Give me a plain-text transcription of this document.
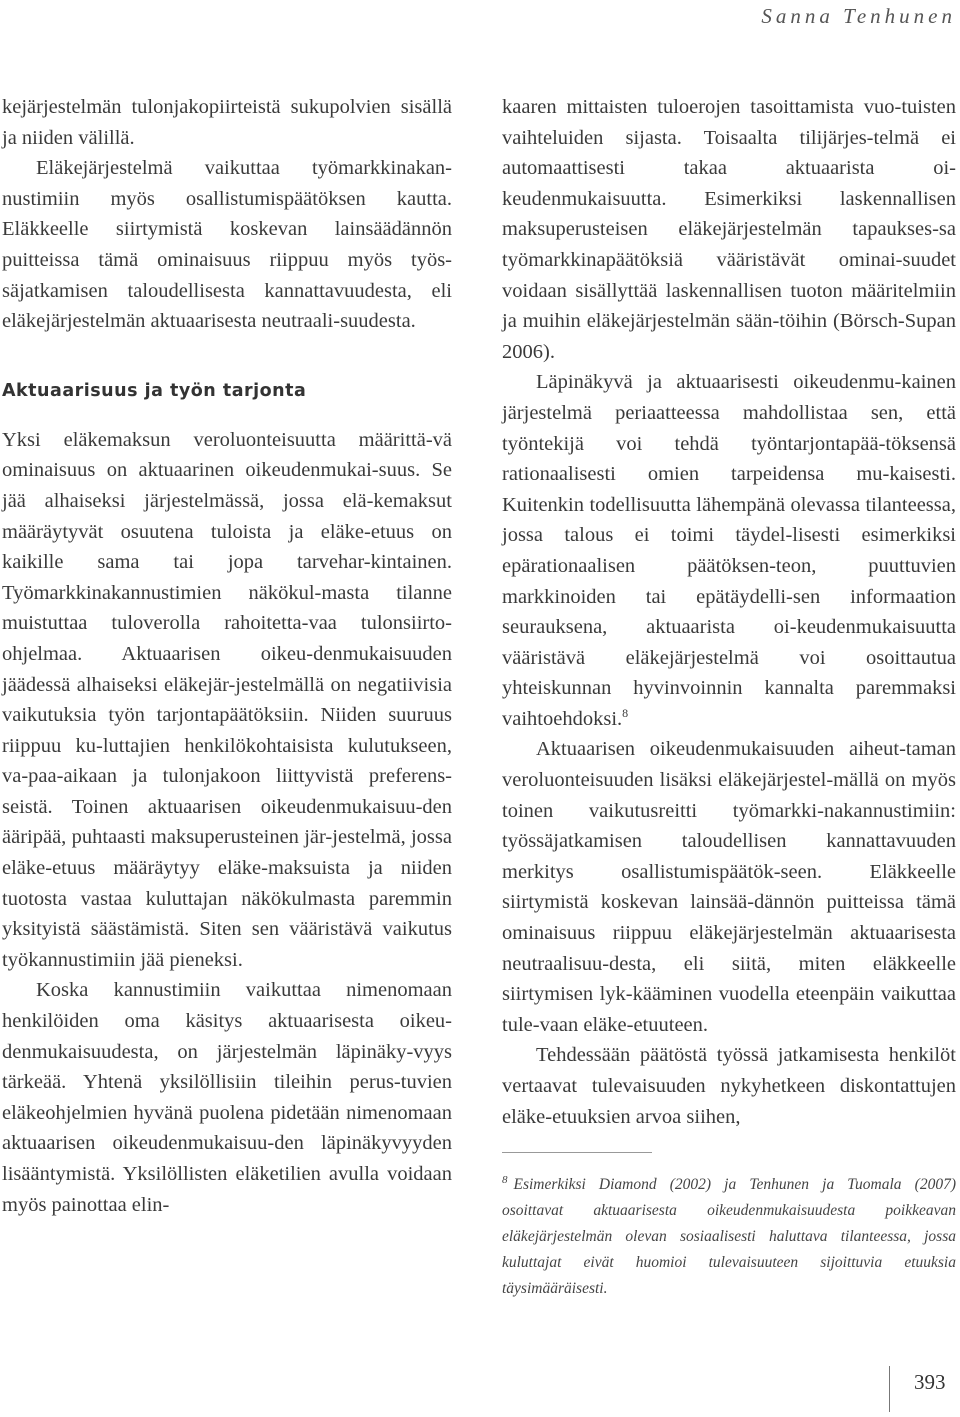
Sanna Tenhunen

kejärjestelmän tulonjakopiirteistä sukupolvien sisällä ja niiden välillä.

Eläkejärjestelmä vaikuttaa työmarkkinakan-nustimiin myös osallistumispäätöksen kautta. Eläkkeelle siirtymistä koskevan lainsäädännön puitteissa tämä ominaisuus riippuu myös työs-säjatkamisen taloudellisesta kannattavuudesta, eli eläkejärjestelmän aktuaarisesta neutraali-suudesta.

Aktuaarisuus ja työn tarjonta

Yksi eläkemaksun veroluonteisuutta määrittä-vä ominaisuus on aktuaarinen oikeudenmukai-suus. Se jää alhaiseksi järjestelmässä, jossa elä-kemaksut määräytyvät osuutena tuloista ja eläke-etuus on kaikille sama tai jopa tarvehar-kintainen. Työmarkkinakannustimien näkökul-masta tilanne muistuttaa tuloverolla rahoitetta-vaa tulonsiirto-ohjelmaa. Aktuaarisen oikeu-denmukaisuuden jäädessä alhaiseksi eläkejär-jestelmällä on negatiivisia vaikutuksia työn tarjontapäätöksiin. Niiden suuruus riippuu ku-luttajien henkilökohtaisista kulutukseen, va-paa-aikaan ja tulonjakoon liittyvistä preferens-seistä. Toinen aktuaarisen oikeudenmukaisuu-den ääripää, puhtaasti maksuperusteinen jär-jestelmä, jossa eläke-etuus määräytyy eläke-maksuista ja niiden tuotosta vastaa kuluttajan näkökulmasta paremmin yksityistä säästämistä. Siten sen vääristävä vaikutus työkannustimiin jää pieneksi.

Koska kannustimiin vaikuttaa nimenomaan henkilöiden oma käsitys aktuaarisesta oikeu-denmukaisuudesta, on järjestelmän läpinäky-vyys tärkeää. Yhtenä yksilöllisiin tileihin perus-tuvien eläkeohjelmien hyvänä puolena pidetään nimenomaan aktuaarisen oikeudenmukaisuu-den läpinäkyvyyden lisääntymistä. Yksilöllisten eläketilien avulla voidaan myös painottaa elin-

kaaren mittaisten tuloerojen tasoittamista vuo-tuisten vaihteluiden sijasta. Toisaalta tilijärjes-telmä ei automaattisesti takaa aktuaarista oi-keudenmukaisuutta. Esimerkiksi laskennallisen maksuperusteisen eläkejärjestelmän tapaukses-sa työmarkkinapäätöksiä vääristävät ominai-suudet voidaan sisällyttää laskennallisen tuoton määritelmiin ja muihin eläkejärjestelmän sään-töihin (Börsch-Supan 2006).

Läpinäkyvä ja aktuaarisesti oikeudenmu-kainen järjestelmä periaatteessa mahdollistaa sen, että työntekijä voi tehdä työntarjontapää-töksensä rationaalisesti omien tarpeidensa mu-kaisesti. Kuitenkin todellisuutta lähempänä olevassa tilanteessa, jossa talous ei toimi täydel-lisesti esimerkiksi epärationaalisen päätöksen-teon, puuttuvien markkinoiden tai epätäydelli-sen informaation seurauksena, aktuaarista oi-keudenmukaisuutta vääristävä eläkejärjestelmä voi osoittautua yhteiskunnan hyvinvoinnin kannalta paremmaksi vaihtoehdoksi.$^8$

Aktuaarisen oikeudenmukaisuuden aiheut-taman veroluonteisuuden lisäksi eläkejärjestel-mällä on myös toinen vaikutusreitti työmarkki-nakannustimiin: työssäjatkamisen taloudellisen kannattavuuden merkitys osallistumispäätök-seen. Eläkkeelle siirtymistä koskevan lainsää-dännön puitteissa tämä ominaisuus riippuu eläkejärjestelmän aktuaarisesta neutraalisuu-desta, eli siitä, miten eläkkeelle siirtymisen lyk-kääminen vuodella eteenpäin vaikuttaa tule-vaan eläke-etuuteen.

Tehdessään päätöstä työssä jatkamisesta henkilöt vertaavat tulevaisuuden nykyhetkeen diskontattujen eläke-etuuksien arvoa siihen,

$^8$ Esimerkiksi Diamond (2002) ja Tenhunen ja Tuomala (2007) osoittavat aktuaarisesta oikeudenmukaisuudesta poikkeavan eläkejärjestelmän olevan sosiaalisesti haluttava tilanteessa, jossa kuluttajat eivät huomioi tulevaisuuteen sijoittuvia etuuksia täysimääräisesti.
393
